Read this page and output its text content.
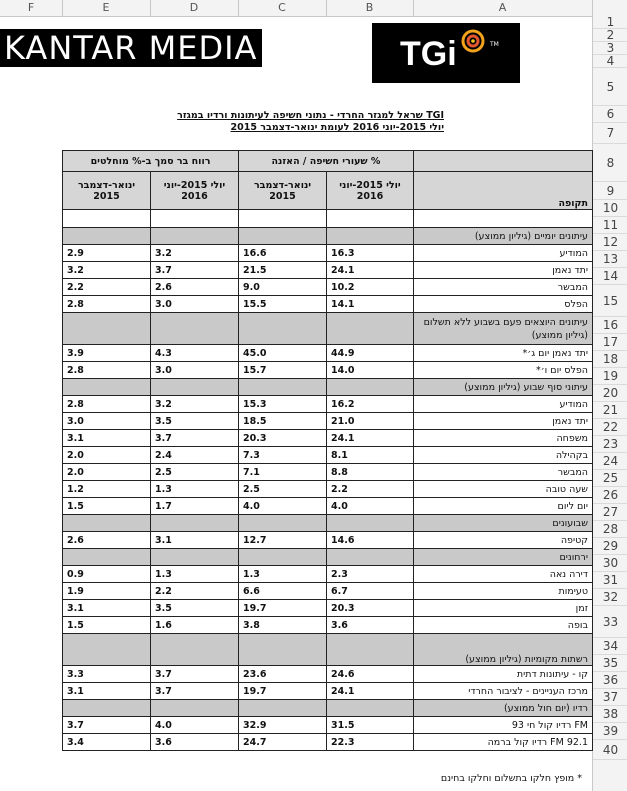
F	E	D	C	B	A
1
2
3
4
5
6
7
8
9
10
11
12
13
14
15
16
17
18
19
20
21
22
23
24
25
26
27
28
29
30
31
32
33
34
35
36
37
38
39
40
KANTAR MEDIA	TGi	TM
TGI שראל למגזר החרדי - נתוני חשיפה לעיתונות ורדיו במגזר
יולי 2015-יוני 2016 לעומת ינואר-דצמבר 2015
רווח בר סמך ב-% מוחלטים		שעורי חשיפה / האזנה %		
ינואר-דצמבר 2015	יולי 2015-יוני 2016	ינואר-דצמבר 2015	יולי 2015-יוני 2016	תקופה

				עיתונים יומיים (גיליון ממוצע)
2.9	3.2	16.6	16.3	המודיע
3.2	3.7	21.5	24.1	יתד נאמן
2.2	2.6	9.0	10.2	המבשר
2.8	3.0	15.5	14.1	הפלס

				עיתונים היוצאים פעם בשבוע ללא תשלום
(גיליון ממוצע)

3.9	4.3	45.0	44.9	יתד נאמן יום ג׳*
2.8	3.0	15.7	14.0	הפלס יום ו׳*
				עיתוני סוף שבוע (גיליון ממוצע)
2.8	3.2	15.3	16.2	המודיע
3.0	3.5	18.5	21.0	יתד נאמן
3.1	3.7	20.3	24.1	משפחה
2.0	2.4	7.3	8.1	בקהילה
2.0	2.5	7.1	8.8	המבשר
1.2	1.3	2.5	2.2	שעה טובה
1.5	1.7	4.0	4.0	יום ליום
				שבועונים
2.6	3.1	12.7	14.6	קטיפה
				ירחונים
0.9	1.3	1.3	2.3	דירה נאה
1.9	2.2	6.6	6.7	טעימות
3.1	3.5	19.7	20.3	זמן
1.5	1.6	3.8	3.6	בופה
				רשתות מקומיות (גיליון ממוצע)
3.3	3.7	23.6	24.6	קו - עיתונות דתית
3.1	3.7	19.7	24.1	מרכז העניינים - לציבור החרדי
				רדיו (יום חול ממוצע)
3.7	4.0	32.9	31.5	FM רדיו קול חי 93
3.4	3.6	24.7	22.3	FM 92.1 רדיו קול ברמה
* מופץ חלקו בתשלום וחלקו בחינם
